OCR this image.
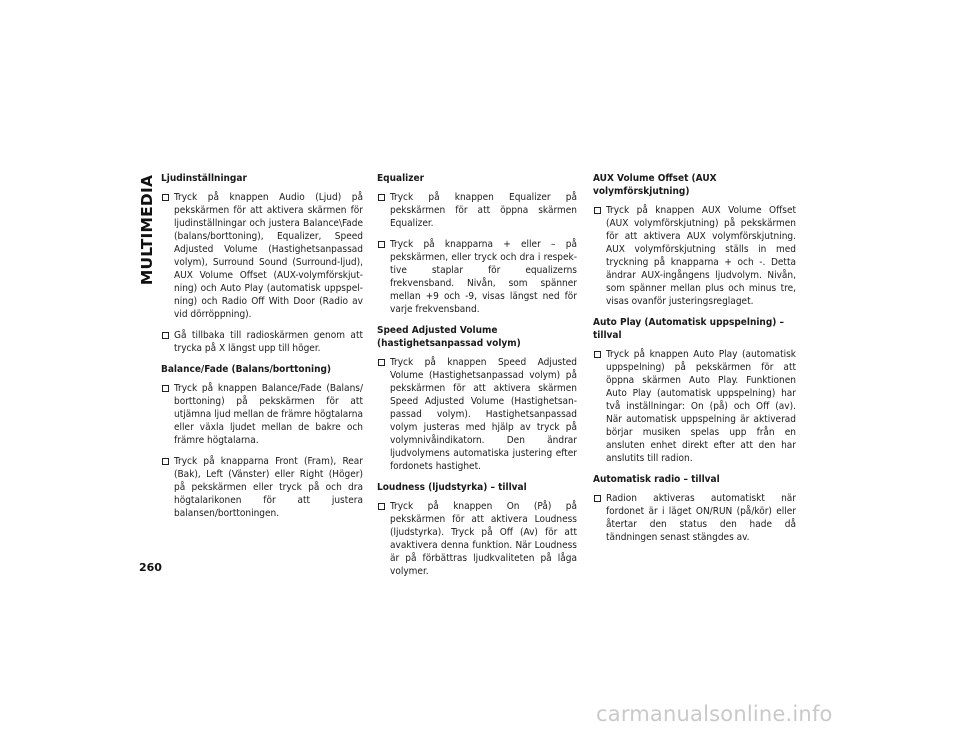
MULTIMEDIA Ljudinställningar
Tryck på knappen Audio (Ljud) på pekskärmen för att aktivera skärmen för ljudinställningar och justera Balance\Fade (balans/borttoning), Equalizer, Speed Adjusted Volume (Hastighetsanpassad volym), Surround Sound (Surround-ljud), AUX Volume Offset (AUX-volymförskjutning) och Auto Play (automatisk uppspelning) och Radio Off With Door (Radio av vid dörröppning).
Gå tillbaka till radioskärmen genom att trycka på X längst upp till höger.
Balance/Fade (Balans/borttoning)
Tryck på knappen Balance/Fade (Balans/ borttoning) på pekskärmen för att utjämna ljud mellan de främre högtalarna eller växla ljudet mellan de bakre och främre högtalarna.
Tryck på knapparna Front (Fram), Rear (Bak), Left (Vänster) eller Right (Höger) på pekskärmen eller tryck på och dra högtalarikonen för att justera balansen/borttoningen.
Equalizer
Tryck på knappen Equalizer på pekskärmen för att öppna skärmen Equalizer.
Tryck på knapparna + eller – på pekskärmen, eller tryck och dra i respektive staplar för equalizerns frekvensband. Nivån, som spänner mellan +9 och -9, visas längst ned för varje frekvensband.
Speed Adjusted Volume (hastighetsanpassad volym)
Tryck på knappen Speed Adjusted Volume (Hastighetsanpassad volym) på pekskärmen för att aktivera skärmen Speed Adjusted Volume (Hastighetsanpassad volym). Hastighetsanpassad volym justeras med hjälp av tryck på volymnivåindikatorn. Den ändrar ljudvolymens automatiska justering efter fordonets hastighet.
Loudness (ljudstyrka) – tillval
Tryck på knappen On (På) på pekskärmen för att aktivera Loudness (ljudstyrka). Tryck på Off (Av) för att avaktivera denna funktion. När Loudness är på förbättras ljudkvaliteten på låga volymer.
AUX Volume Offset (AUX volymförskjutning)
Tryck på knappen AUX Volume Offset (AUX volymförskjutning) på pekskärmen för att aktivera AUX volymförskjutning. AUX volymförskjutning ställs in med tryckning på knapparna + och -. Detta ändrar AUX-ingångens ljudvolym. Nivån, som spänner mellan plus och minus tre, visas ovanför justeringsreglaget.
Auto Play (Automatisk uppspelning) – tillval
Tryck på knappen Auto Play (automatisk uppspelning) på pekskärmen för att öppna skärmen Auto Play. Funktionen Auto Play (automatisk uppspelning) har två inställningar: On (på) och Off (av). När automatisk uppspelning är aktiverad börjar musiken spelas upp från en ansluten enhet direkt efter att den har anslutits till radion.
Automatisk radio – tillval
Radion aktiveras automatiskt när fordonet är i läget ON/RUN (på/kör) eller återtar den status den hade då tändningen senast stängdes av.
260
carmanualsonline.info
